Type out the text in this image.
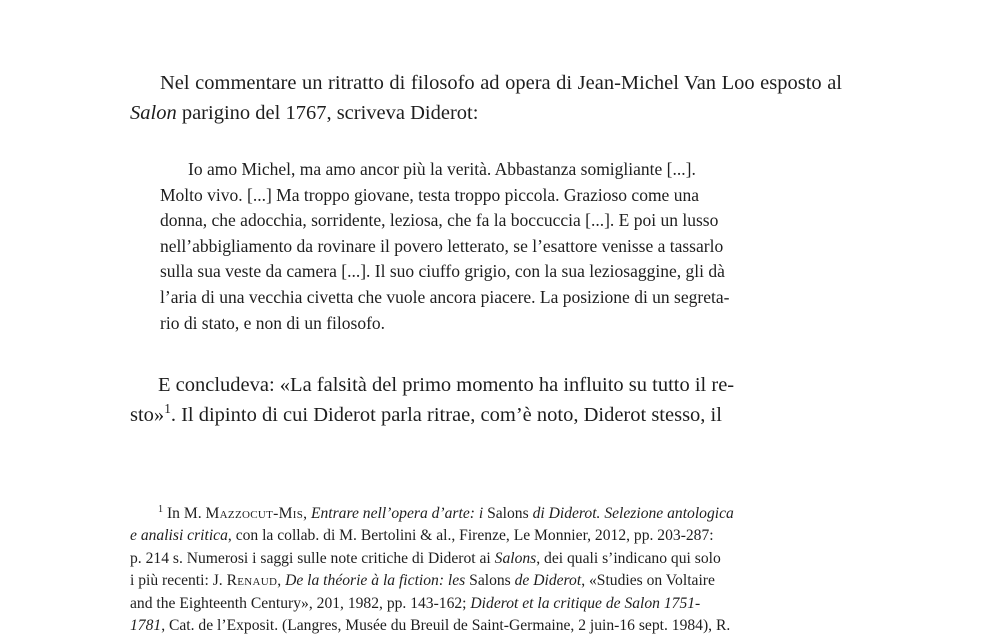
Nel commentare un ritratto di filosofo ad opera di Jean-Michel Van Loo esposto al Salon parigino del 1767, scriveva Diderot:

Io amo Michel, ma amo ancor più la verità. Abbastanza somigliante [...].
Molto vivo. [...] Ma troppo giovane, testa troppo piccola. Grazioso come una
donna, che adocchia, sorridente, leziosa, che fa la boccuccia [...]. E poi un lusso
nell’abbigliamento da rovinare il povero letterato, se l’esattore venisse a tassarlo
sulla sua veste da camera [...]. Il suo ciuffo grigio, con la sua leziosaggine, gli dà
l’aria di una vecchia civetta che vuole ancora piacere. La posizione di un segreta-
rio di stato, e non di un filosofo.
E concludeva: «La falsità del primo momento ha influito su tutto il re-
sto»$^1$. Il dipinto di cui Diderot parla ritrae, com’è noto, Diderot stesso, il
$^1$ In M. Mazzocut-Mis, Entrare nell’opera d’arte: i Salons di Diderot. Selezione antologica
e analisi critica, con la collab. di M. Bertolini & al., Firenze, Le Monnier, 2012, pp. 203-287:
p. 214 s. Numerosi i saggi sulle note critiche di Diderot ai Salons, dei quali s’indicano qui solo
i più recenti: J. Renaud, De la théorie à la fiction: les Salons de Diderot, «Studies on Voltaire
and the Eighteenth Century», 201, 1982, pp. 143-162; Diderot et la critique de Salon 1751-
1781, Cat. de l’Exposit. (Langres, Musée du Breuil de Saint-Germaine, 2 juin-16 sept. 1984), R.
